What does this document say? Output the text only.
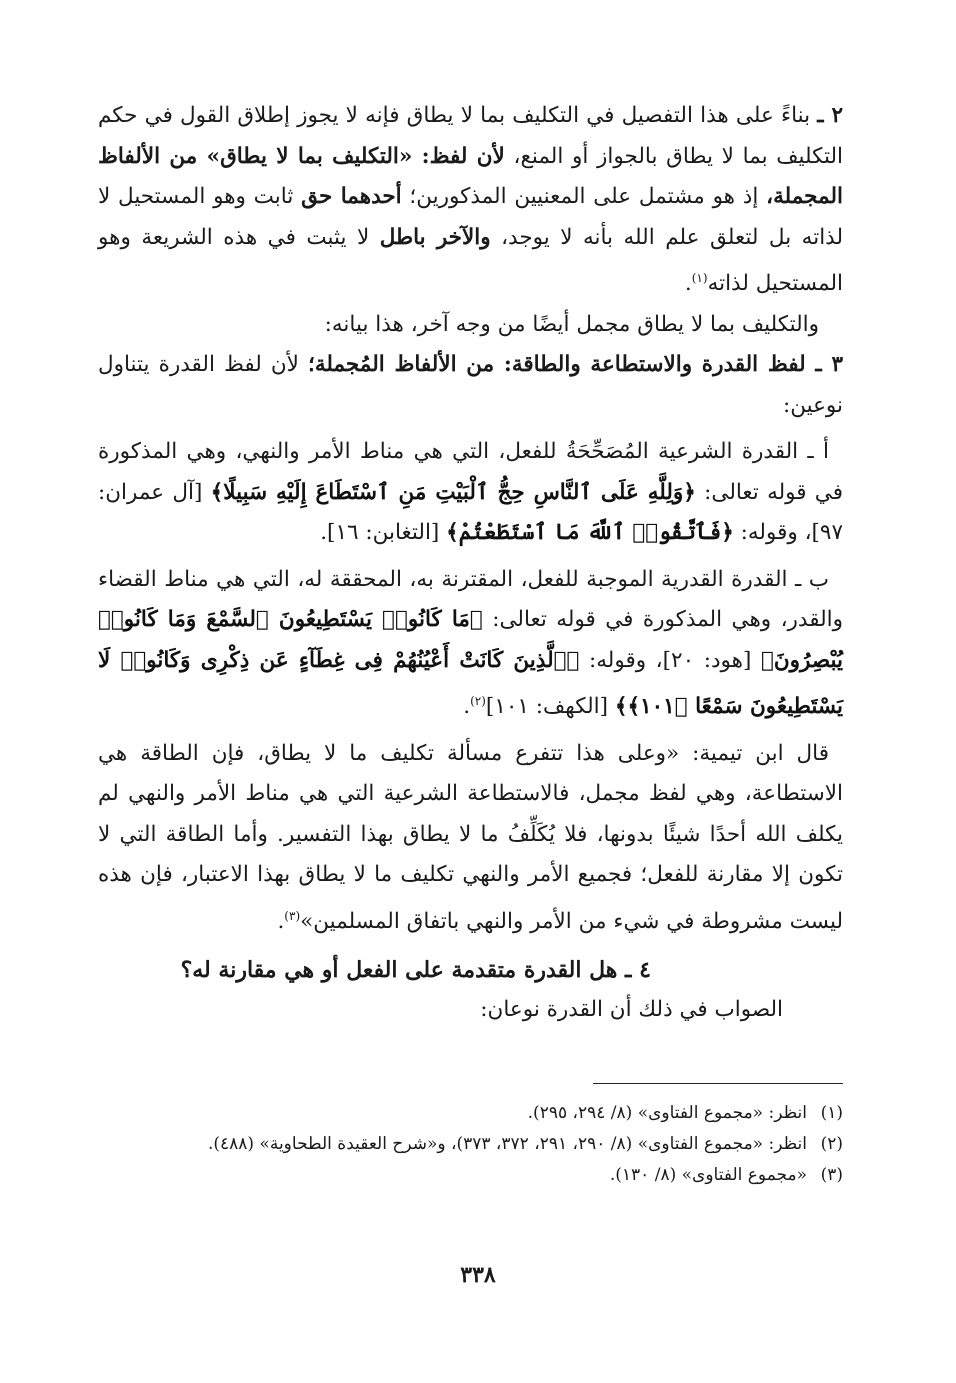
٢ ـ بناءً على هذا التفصيل في التكليف بما لا يطاق فإنه لا يجوز إطلاق القول في حكم التكليف بما لا يطاق بالجواز أو المنع، لأن لفظ: «التكليف بما لا يطاق» من الألفاظ المجملة، إذ هو مشتمل على المعنيين المذكورين؛ أحدهما حق ثابت وهو المستحيل لا لذاته بل لتعلق علم الله بأنه لا يوجد، والآخر باطل لا يثبت في هذه الشريعة وهو المستحيل لذاته$^{(١)}$.

والتكليف بما لا يطاق مجمل أيضًا من وجه آخر، هذا بيانه:

٣ ـ لفظ القدرة والاستطاعة والطاقة: من الألفاظ المُجملة؛ لأن لفظ القدرة يتناول نوعين:

أ ـ القدرة الشرعية المُصَحِّحَةُ للفعل، التي هي مناط الأمر والنهي، وهي المذكورة في قوله تعالى: ﴿وَلِلَّهِ عَلَى ٱلنَّاسِ حِجُّ ٱلْبَيْتِ مَنِ ٱسْتَطَاعَ إِلَيْهِ سَبِيلًا﴾ [آل عمران: ٩٧]، وقوله: ﴿فَٱتَّقُوا۟ ٱللَّهَ مَا ٱسْتَطَعْتُمْ﴾ [التغابن: ١٦].

ب ـ القدرة القدرية الموجبة للفعل، المقترنة به، المحققة له، التي هي مناط القضاء والقدر، وهي المذكورة في قوله تعالى: ﴿مَا كَانُوا۟ يَسْتَطِيعُونَ ٱلسَّمْعَ وَمَا كَانُوا۟ يُبْصِرُونَ﴾ [هود: ٢٠]، وقوله: ﴿ٱلَّذِينَ كَانَتْ أَعْيُنُهُمْ فِى غِطَآءٍ عَن ذِكْرِى وَكَانُوا۟ لَا يَسْتَطِيعُونَ سَمْعًا ﴿١٠١﴾﴾ [الكهف: ١٠١]$^{(٢)}$.

قال ابن تيمية: «وعلى هذا تتفرع مسألة تكليف ما لا يطاق، فإن الطاقة هي الاستطاعة، وهي لفظ مجمل، فالاستطاعة الشرعية التي هي مناط الأمر والنهي لم يكلف الله أحدًا شيئًا بدونها، فلا يُكَلِّفُ ما لا يطاق بهذا التفسير. وأما الطاقة التي لا تكون إلا مقارنة للفعل؛ فجميع الأمر والنهي تكليف ما لا يطاق بهذا الاعتبار، فإن هذه ليست مشروطة في شيء من الأمر والنهي باتفاق المسلمين»$^{(٣)}$.

٤ ـ هل القدرة متقدمة على الفعل أو هي مقارنة له؟

الصواب في ذلك أن القدرة نوعان:

(١)
انظر: «مجموع الفتاوى» (٨/ ٢٩٤، ٢٩٥).

(٢)
انظر: «مجموع الفتاوى» (٨/ ٢٩٠، ٢٩١، ٣٧٢، ٣٧٣)، و«شرح العقيدة الطحاوية» (٤٨٨).

(٣)
«مجموع الفتاوى» (٨/ ١٣٠).

٣٣٨
